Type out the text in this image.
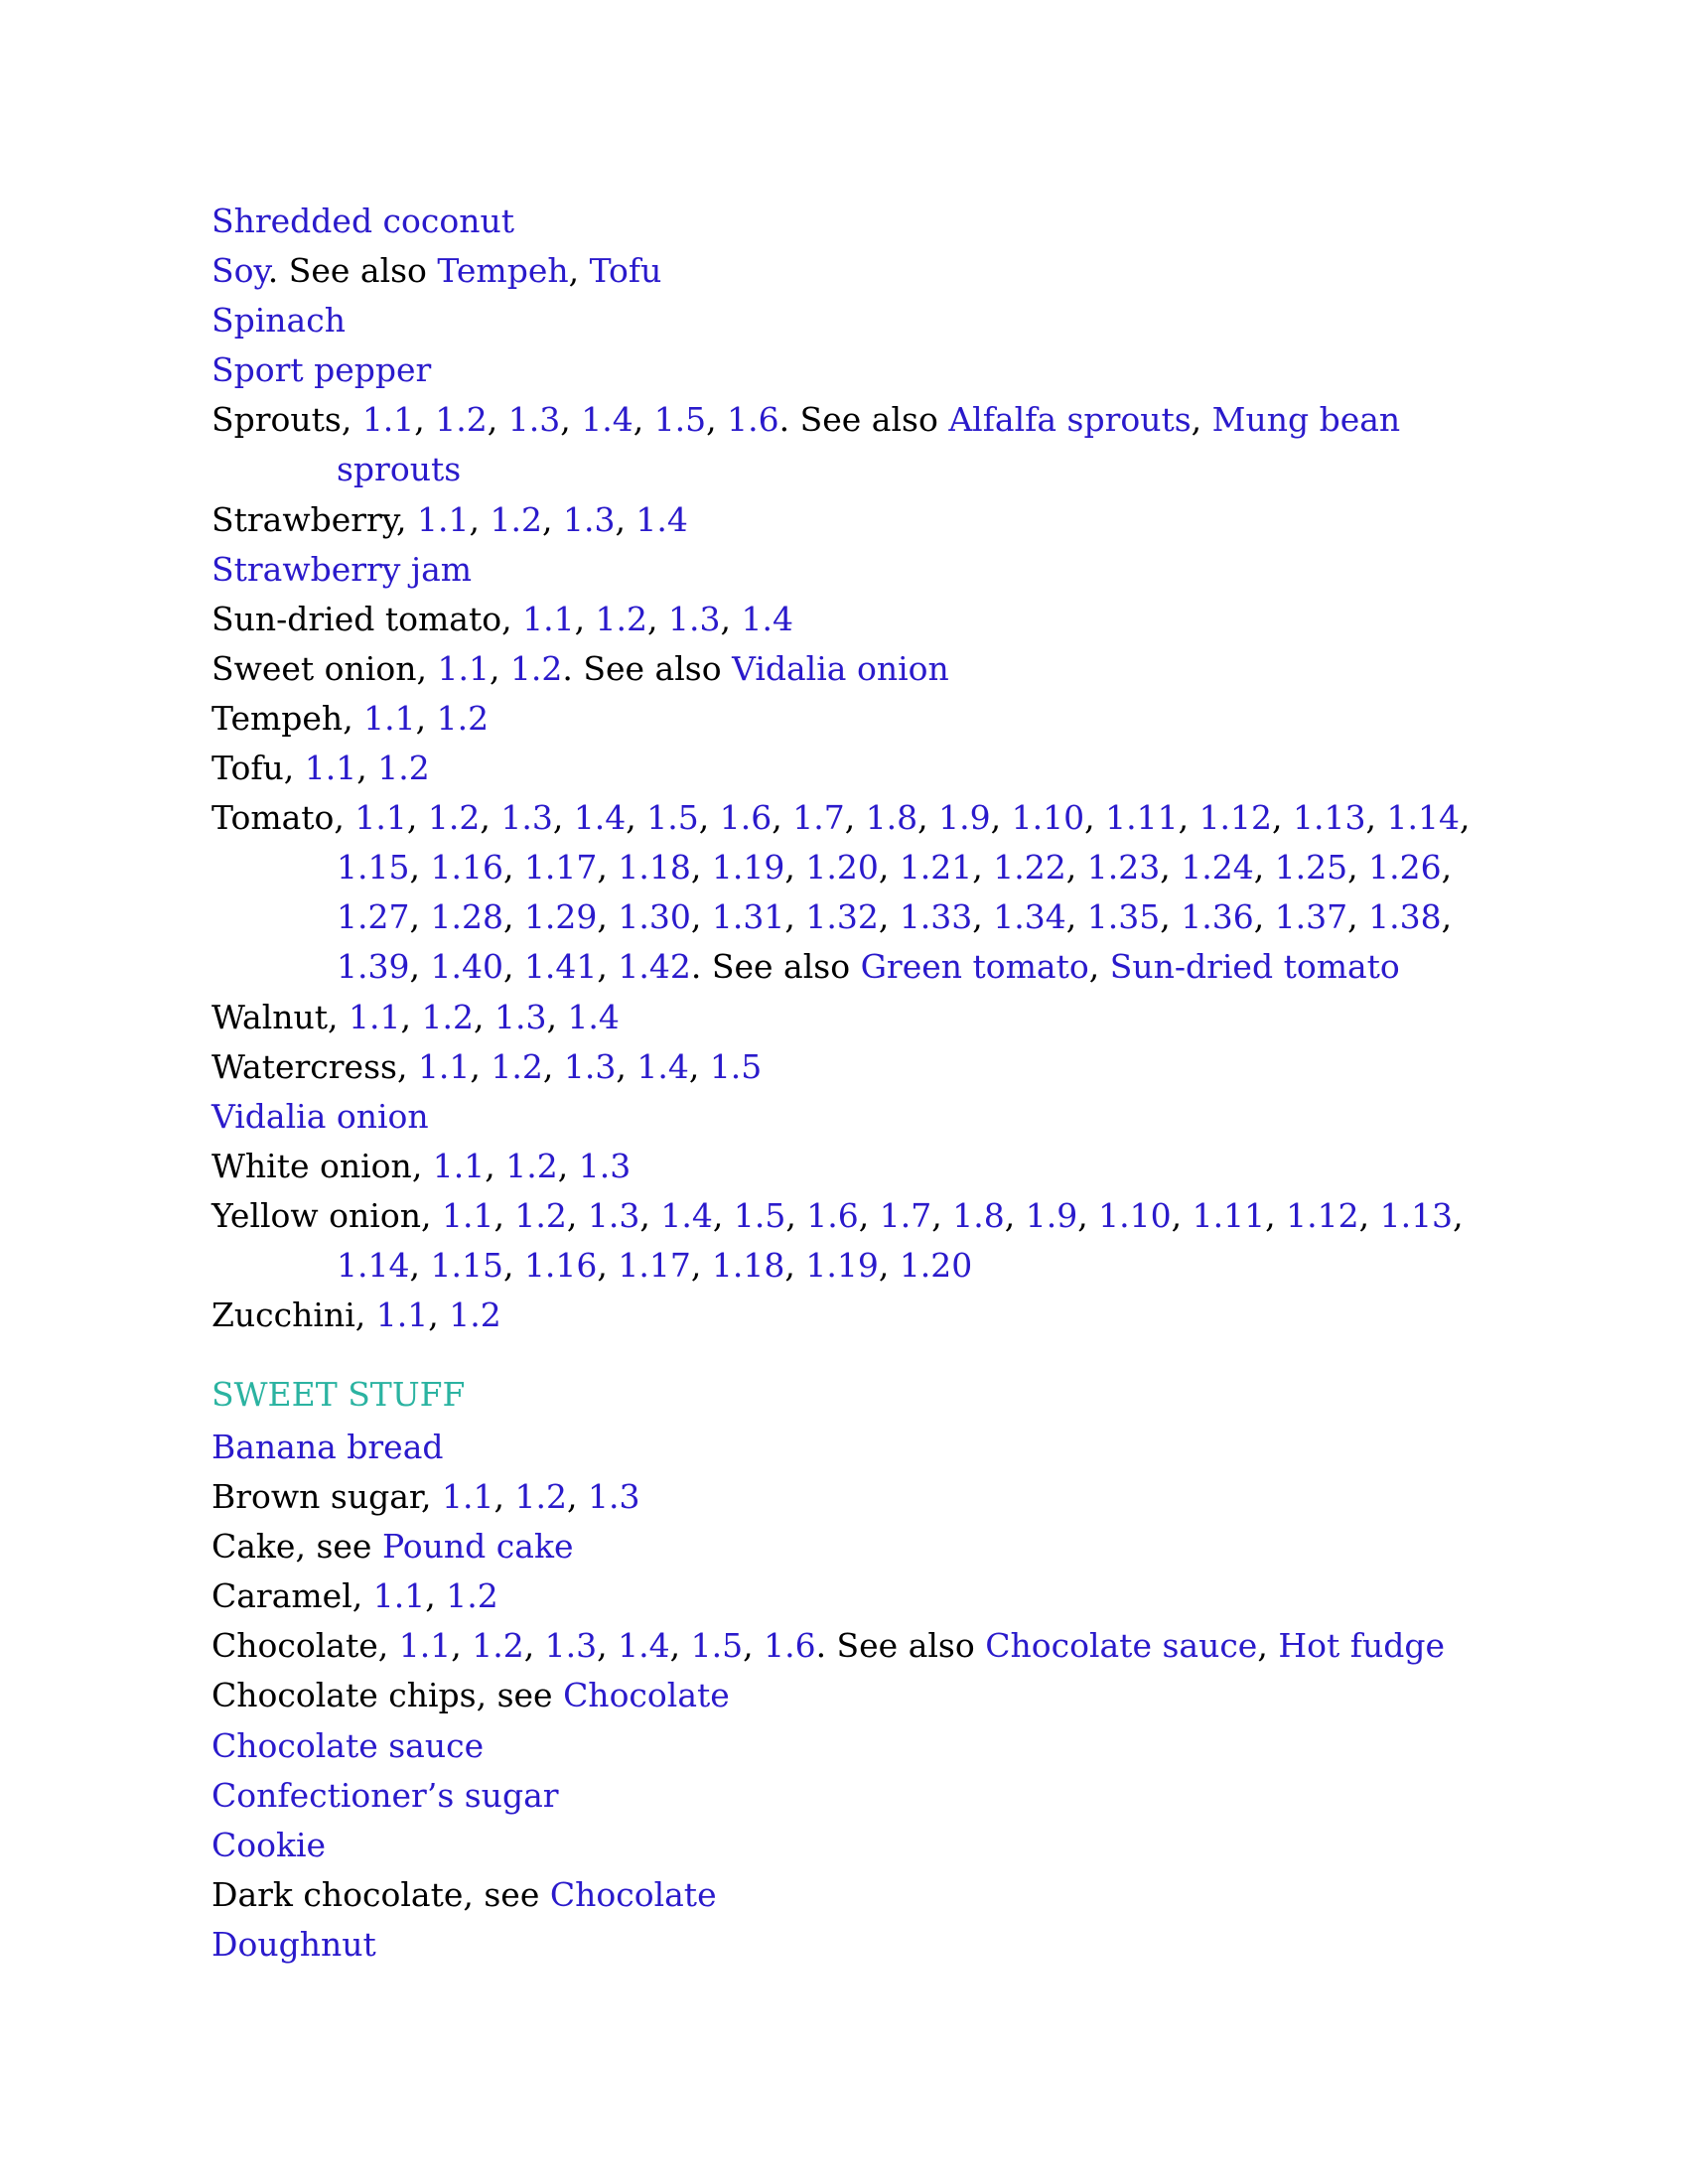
Shredded coconut
Soy. See also Tempeh, Tofu
Spinach
Sport pepper
Sprouts, 1.1, 1.2, 1.3, 1.4, 1.5, 1.6. See also Alfalfa sprouts, Mung bean sprouts
Strawberry, 1.1, 1.2, 1.3, 1.4
Strawberry jam
Sun-dried tomato, 1.1, 1.2, 1.3, 1.4
Sweet onion, 1.1, 1.2. See also Vidalia onion
Tempeh, 1.1, 1.2
Tofu, 1.1, 1.2
Tomato, 1.1, 1.2, 1.3, 1.4, 1.5, 1.6, 1.7, 1.8, 1.9, 1.10, 1.11, 1.12, 1.13, 1.14, 1.15, 1.16, 1.17, 1.18, 1.19, 1.20, 1.21, 1.22, 1.23, 1.24, 1.25, 1.26, 1.27, 1.28, 1.29, 1.30, 1.31, 1.32, 1.33, 1.34, 1.35, 1.36, 1.37, 1.38, 1.39, 1.40, 1.41, 1.42. See also Green tomato, Sun-dried tomato
Walnut, 1.1, 1.2, 1.3, 1.4
Watercress, 1.1, 1.2, 1.3, 1.4, 1.5
Vidalia onion
White onion, 1.1, 1.2, 1.3
Yellow onion, 1.1, 1.2, 1.3, 1.4, 1.5, 1.6, 1.7, 1.8, 1.9, 1.10, 1.11, 1.12, 1.13, 1.14, 1.15, 1.16, 1.17, 1.18, 1.19, 1.20
Zucchini, 1.1, 1.2
SWEET STUFF
Banana bread
Brown sugar, 1.1, 1.2, 1.3
Cake, see Pound cake
Caramel, 1.1, 1.2
Chocolate, 1.1, 1.2, 1.3, 1.4, 1.5, 1.6. See also Chocolate sauce, Hot fudge
Chocolate chips, see Chocolate
Chocolate sauce
Confectioner’s sugar
Cookie
Dark chocolate, see Chocolate
Doughnut
